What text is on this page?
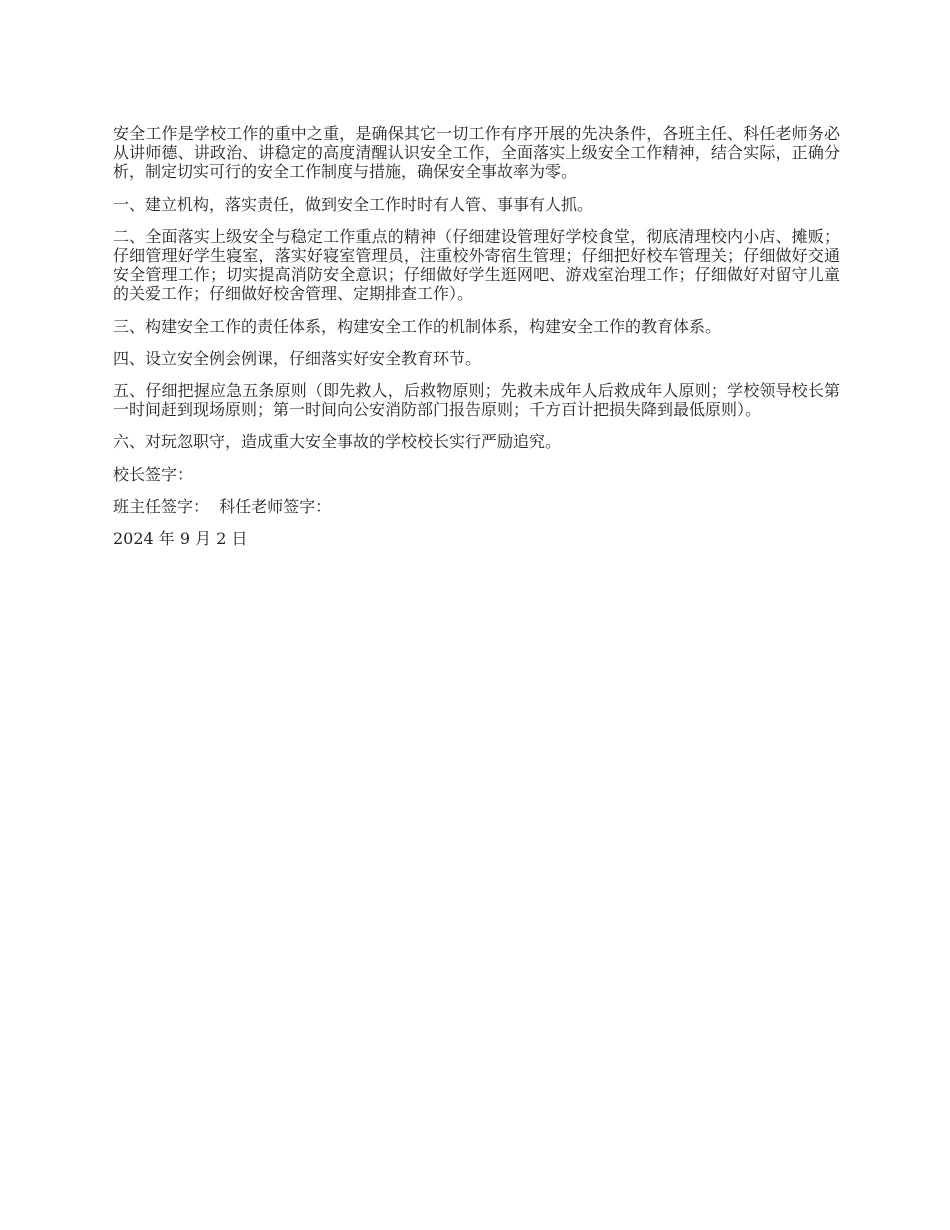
安全工作是学校工作的重中之重，是确保其它一切工作有序开展的先决条件，各班主任、科任老师务必从讲师德、讲政治、讲稳定的高度清醒认识安全工作，全面落实上级安全工作精神，结合实际，正确分析，制定切实可行的安全工作制度与措施，确保安全事故率为零。

一、建立机构，落实责任，做到安全工作时时有人管、事事有人抓。

二、全面落实上级安全与稳定工作重点的精神（仔细建设管理好学校食堂，彻底清理校内小店、摊贩；仔细管理好学生寝室，落实好寝室管理员，注重校外寄宿生管理；仔细把好校车管理关；仔细做好交通安全管理工作；切实提高消防安全意识；仔细做好学生逛网吧、游戏室治理工作；仔细做好对留守儿童的关爱工作；仔细做好校舍管理、定期排查工作）。

三、构建安全工作的责任体系，构建安全工作的机制体系，构建安全工作的教育体系。

四、设立安全例会例课，仔细落实好安全教育环节。

五、仔细把握应急五条原则（即先救人，后救物原则；先救未成年人后救成年人原则；学校领导校长第一时间赶到现场原则；第一时间向公安消防部门报告原则；千方百计把损失降到最低原则）。

六、对玩忽职守，造成重大安全事故的学校校长实行严励追究。

校长签字：

班主任签字：  科任老师签字：

2024 年 9 月 2 日
